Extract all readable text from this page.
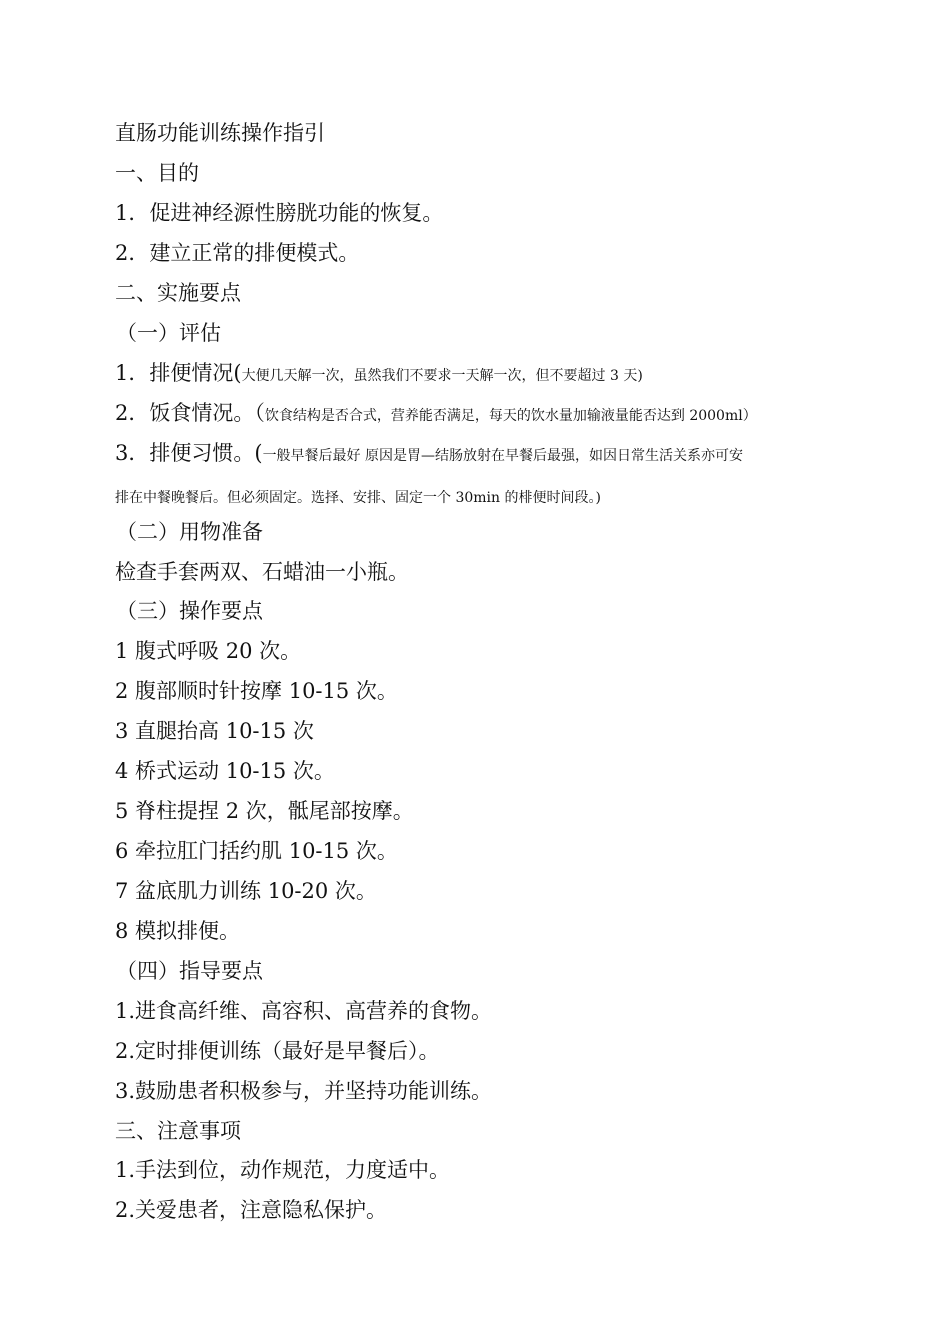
直肠功能训练操作指引
一、目的
1．促进神经源性膀胱功能的恢复。
2．建立正常的排便模式。
二、实施要点
（一）评估
1．排便情况(大便几天解一次，虽然我们不要求一天解一次，但不要超过 3 天)
2．饭食情况。（饮食结构是否合式，营养能否满足，每天的饮水量加输液量能否达到 2000ml）
3．排便习惯。(一般早餐后最好 原因是胃—结肠放射在早餐后最强，如因日常生活关系亦可安
排在中餐晚餐后。但必须固定。选择、安排、固定一个 30min 的棑便时间段。)
（二）用物准备
检查手套两双、石蜡油一小瓶。
（三）操作要点
1 腹式呼吸 20 次。
2 腹部顺时针按摩 10-15 次。
3 直腿抬高 10-15 次
4 桥式运动 10-15 次。
5 脊柱提捏 2 次，骶尾部按摩。
6 牵拉肛门括约肌 10-15 次。
7 盆底肌力训练 10-20 次。
8 模拟排便。
（四）指导要点
1.进食高纤维、高容积、高营养的食物。
2.定时排便训练（最好是早餐后）。
3.鼓励患者积极参与，并坚持功能训练。
三、注意事项
1.手法到位，动作规范，力度适中。
2.关爱患者，注意隐私保护。
